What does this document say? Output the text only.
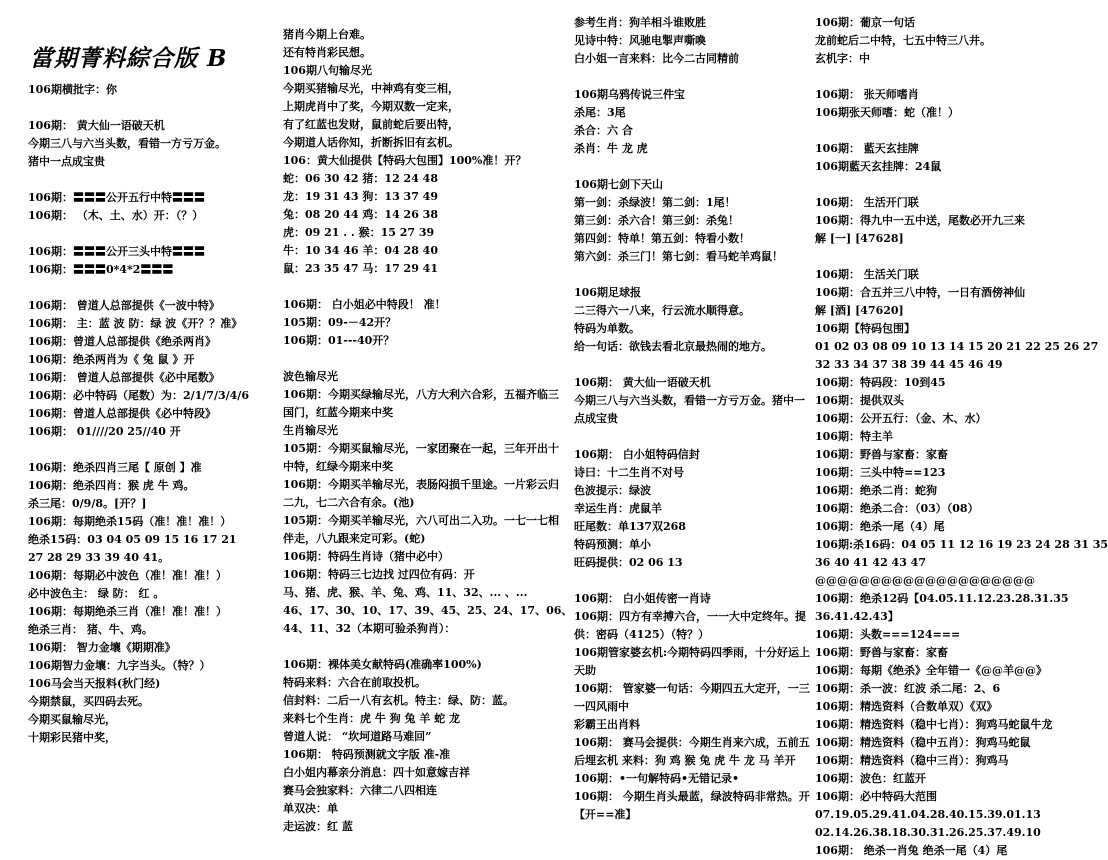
當期菁料綜合版 B
106期横批字：你
106期： 黄大仙一语破天机
今期三八与六当头数，看错一方亏万金。
猪中一点成宝贵
106期：〓〓〓公开五行中特〓〓〓
106期： （木、土、水）开：（？）
106期：〓〓〓公开三头中特〓〓〓
106期：〓〓〓0*4*2〓〓〓
106期： 曾道人总部提供《一波中特》
106期： 主：蓝 波 防：绿 波《开？？准》
106期：曾道人总部提供《绝杀两肖》
106期：绝杀两肖为《 兔 鼠 》开
106期： 曾道人总部提供《必中尾数》
106期：必中特码（尾数）为：2/1/7/3/4/6
106期：曾道人总部提供《必中特段》
106期： 01////20 25//40 开
106期：绝杀四肖三尾【 原创 】准
106期：绝杀四肖：猴 虎 牛 鸡。
杀三尾：0/9/8。[开？]
106期：每期绝杀15码（准！准！准！）
绝杀15码：03 04 05 09 15 16 17 21
27 28 29 33 39 40 41。
106期：每期必中波色（准！准！准！）
必中波色主： 绿 防： 红 。
106期：每期绝杀三肖（准！准！准！）
绝杀三肖： 猪、牛、鸡。
106期： 智力金壤《期期准》
106期智力金壤：九字当头。（特？）
106马会当天报料(秋门经)
今期禁鼠，买四码去死。
今期买鼠输尽光，
十期彩民猪中奖，
猪肖今期上台难。
还有特肖彩民想。
106期八句输尽光
今期买猪输尽光，中神鸡有变三相，
上期虎肖中了奖，今期双数一定来，
有了红蓝也发财，鼠前蛇后要出特，
今期道人话你知，折断拆旧有玄机。
106：黄大仙提供【特码大包围】100%准！开？
蛇：06 30 42 猪：12 24 48
龙：19 31 43 狗：13 37 49
兔：08 20 44 鸡：14 26 38
虎：09 21 . . 猴：15 27 39
牛：10 34 46 羊：04 28 40
鼠：23 35 47 马：17 29 41
106期： 白小姐必中特段！ 准！
105期：09-－42开？
106期：01---40开？
波色输尽光
106期：今期买绿输尽光，八方大利六合彩，五福齐临三
国门，红蓝今期来中奖
生肖输尽光
105期：今期买鼠输尽光，一家团聚在一起，三年开出十
中特，红绿今期来中奖
106期：今期买羊输尽光，表肠闷损千里途。一片彩云归
二九，七二六合有余。(池)
105期：今期买羊输尽光，六八可出二入功。一七一七相
伴走，八九跟来定可彩。(蛇)
106期：特码生肖诗（猪中必中）
106期：特码三七边找 过四位有码：开
马、猪、虎、猴、羊、兔、鸡、11、32、... 、...
46、17、30、10、17、39、45、25、24、17、06、
44、11、32（本期可验杀狗肖）：
106期：裸体美女献特码(准确率100%)
特码来料：六合在前取投机。
信封料：二后一八有玄机。特主：绿、防：蓝。
来料七个生肖：虎 牛 狗 兔 羊 蛇 龙
曾道人说： “坎坷道路马难回”
106期： 特码预测就文字版 准-准
白小姐内幕亲分消息：四十如意嫁吉祥
赛马会独家料：六律二八四相连
单双决：单
走运波：红 蓝
参考生肖：狗羊相斗谁败胜
见诗中特：风驰电掣声嘶喚
白小姐一言来料：比今二古同精前
106期乌鸦传说三件宝
杀尾：3尾
杀合：六 合
杀肖：牛 龙 虎
106期七剑下天山
第一剑：杀绿波！第二剑：1尾！
第三剑：杀六合！第三剑：杀兔！
第四剑：特单！第五剑：特看小数！
第六剑：杀三门！第七剑：看马蛇羊鸡鼠！
106期足球报
二三得六一八来，行云流水顺得意。
特码为单数。
给一句话：欲钱去看北京最热闹的地方。
106期： 黄大仙一语破天机
今期三八与六当头数，看错一方亏万金。猪中一
点成宝贵
106期： 白小姐特码信封
诗曰：十二生肖不对号
色波提示：绿波
幸运生肖：虎鼠羊
旺尾数：单137双268
特码预测：单小
旺码提供：02 06 13
106期： 白小姐传密一肖诗
106期：四方有幸搏六合，一一大中定终年。提
供：密码（4125）（特？）
106期管家婆玄机:今期特码四季雨，十分好运上
天助
106期： 管家婆一句话：今期四五大定开，一三
一四风雨中
彩霸王出肖料
106期： 赛马会提供：今期生肖来六成，五前五
后埋玄机 来料：狗 鸡 猴 兔 虎 牛 龙 马 羊开
106期：•一句解特码•无错记录•
106期： 今期生肖头最蓝，绿波特码非常热。开
【开==准】
106期：葡京一句话
龙前蛇后二中特，七五中特三八井。
玄机字：中
106期： 张天师嗜肖
106期张天师嗜：蛇（准！）
106期： 藍天玄挂牌
106期藍天玄挂牌：24鼠
106期： 生活开门联
106期：得九中一五中送，尾数必开九三来
解 [一] [47628]
106期： 生活关门联
106期：合五并三八中特，一日有酒傍神仙
解 [酒] [47620]
106期【特码包围】
01 02 03 08 09 10 13 14 15 20 21 22 25 26 27
32 33 34 37 38 39 44 45 46 49
106期：特码段：10到45
106期：提供双头
106期：公开五行：（金、木、水）
106期：特主羊
106期：野兽与家畜：家畜
106期：三头中特==123
106期：绝杀二肖：蛇狗
106期：绝杀二合：（03）（08）
106期：绝杀一尾（4）尾
106期:杀16码：04 05 11 12 16 19 23 24 28 31 35
36 40 41 42 43 47
@@@@@@@@@@@@@@@@@@@@
106期：绝杀12码【04.05.11.12.23.28.31.35
36.41.42.43】
106期：头数===124===
106期：野兽与家畜：家畜
106期：每期《绝杀》全年错一《@@羊@@》
106期：杀一波：红波 杀二尾：2、6
106期：精选资料（合数单双）《双》
106期：精选资料（稳中七肖）：狗鸡马蛇鼠牛龙
106期：精选资料（稳中五肖）：狗鸡马蛇鼠
106期：精选资料（稳中三肖）：狗鸡马
106期：波色：红蓝开
106期：必中特码大范围
07.19.05.29.41.04.28.40.15.39.01.13
02.14.26.38.18.30.31.26.25.37.49.10
106期： 绝杀一肖兔 绝杀一尾（4）尾
